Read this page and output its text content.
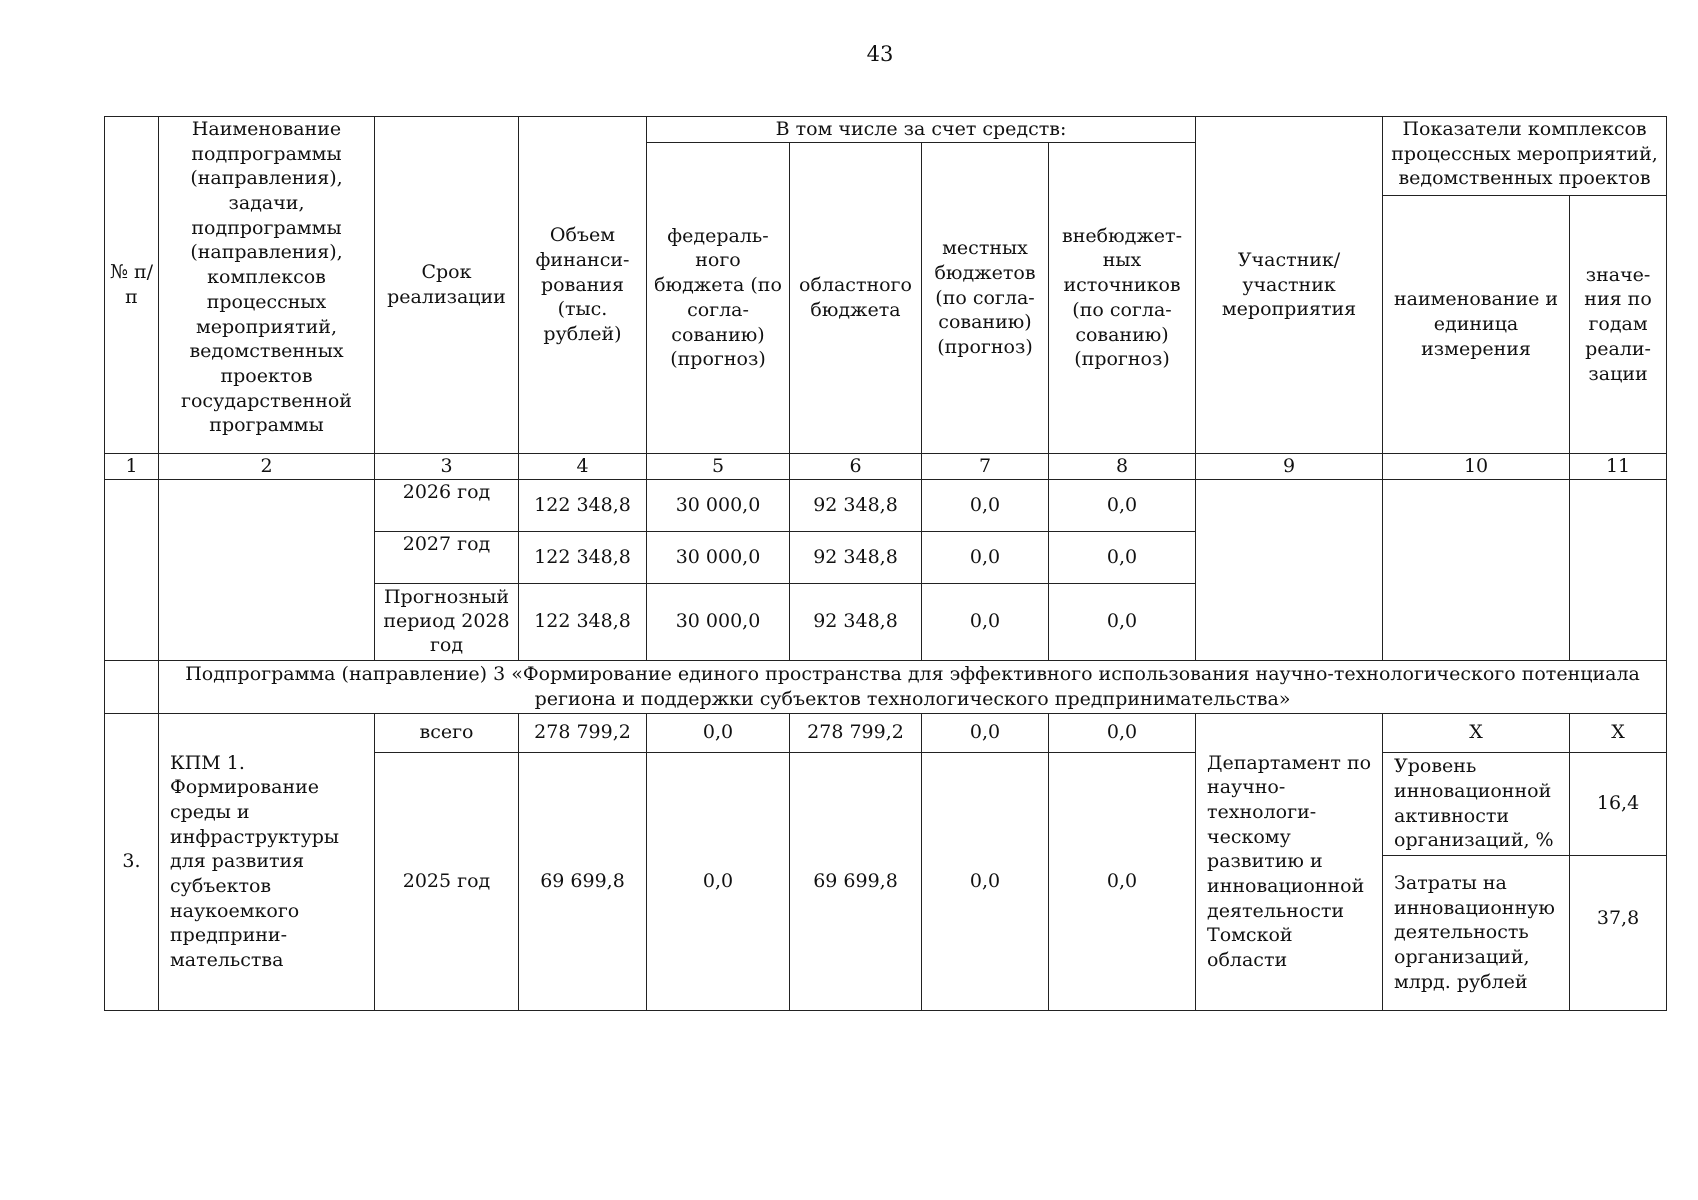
43
№ п/п	Наименование подпрограммы (направления), задачи, подпрограммы (направления), комплексов процессных мероприятий, ведомственных проектов государственной программы	Срок реализации	Объем финанси-рования (тыс. рублей)	В том числе за счет средств:				Участник/ участник мероприятия	Показатели комплексов процессных мероприятий, ведомственных проектов	
				федераль-ного бюджета (по согла-сованию) (прогноз)	областного бюджета	местных бюджетов (по согла-сованию) (прогноз)	внебюджет-ных источников (по согла-сованию) (прогноз)			
									наименование и единица измерения	значе-ния по годам реали-зации
1	2	3	4	5	6	7	8	9	10	11
		2026 год	122 348,8	30 000,0	92 348,8	0,0	0,0			
		2027 год	122 348,8	30 000,0	92 348,8	0,0	0,0			
		Прогнозный период 2028 год	122 348,8	30 000,0	92 348,8	0,0	0,0			
	Подпрограмма (направление) 3 «Формирование единого пространства для эффективного использования научно-технологического потенциала региона и поддержки субъектов технологического предпринимательства»									
3.	КПМ 1. Формирование среды и инфраструктуры для развития субъектов наукоемкого предприни-мательства	всего	278 799,2	0,0	278 799,2	0,0	0,0	Департамент по научно-технологи-ческому развитию и инновационной деятельности Томской области	Х	Х
		2025 год	69 699,8	0,0	69 699,8	0,0	0,0		Уровень инновационной активности организаций, %	16,4
									Затраты на инновационную деятельность организаций, млрд. рублей	37,8
